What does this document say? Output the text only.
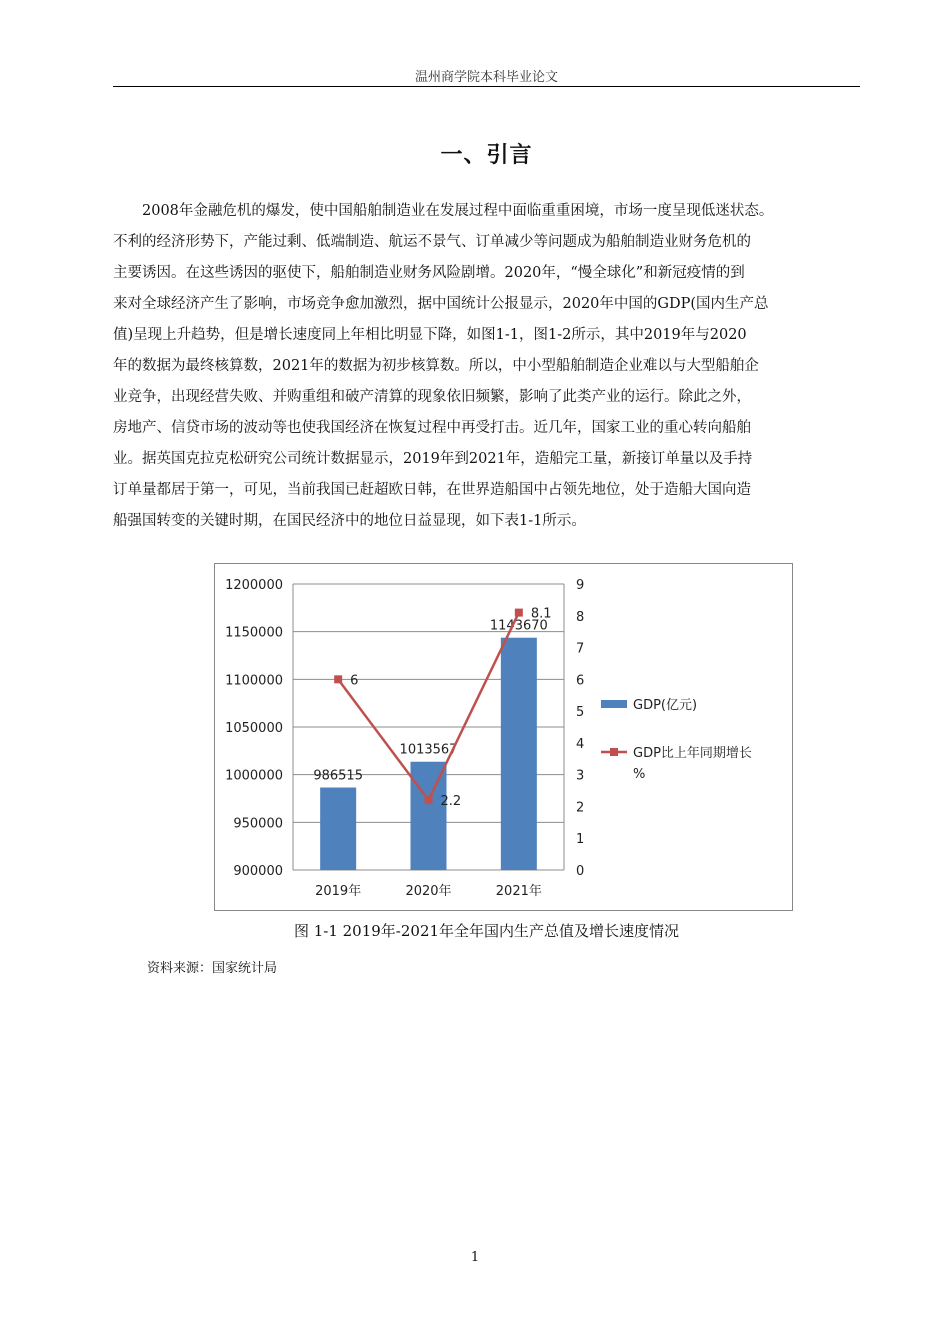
温州商学院本科毕业论文
一、引言

　　2008年金融危机的爆发，使中国船舶制造业在发展过程中面临重重困境，市场一度呈现低迷状态。

不利的经济形势下，产能过剩、低端制造、航运不景气、订单减少等问题成为船舶制造业财务危机的

主要诱因。在这些诱因的驱使下，船舶制造业财务风险剧增。2020年，“慢全球化”和新冠疫情的到

来对全球经济产生了影响，市场竞争愈加激烈，据中国统计公报显示，2020年中国的GDP(国内生产总

值)呈现上升趋势，但是增长速度同上年相比明显下降，如图1-1，图1-2所示，其中2019年与2020

年的数据为最终核算数，2021年的数据为初步核算数。所以，中小型船舶制造企业难以与大型船舶企

业竞争，出现经营失败、并购重组和破产清算的现象依旧频繁，影响了此类产业的运行。除此之外，

房地产、信贷市场的波动等也使我国经济在恢复过程中再受打击。近几年，国家工业的重心转向船舶

业。据英国克拉克松研究公司统计数据显示，2019年到2021年，造船完工量，新接订单量以及手持

订单量都居于第一，可见，当前我国已赶超欧日韩，在世界造船国中占领先地位，处于造船大国向造

船强国转变的关键时期，在国民经济中的地位日益显现，如下表1-1所示。

900000
950000
1000000
1050000
1100000
1150000
1200000
0
1
2
3
4
5
6
7
8
9
986515
2019年
1013567
2020年
1143670
2021年
6
2.2
8.1
GDP(亿元)
GDP比上年同期增长
%
图 1-1 2019年-2021年全年国内生产总值及增长速度情况
资料来源：国家统计局
1
